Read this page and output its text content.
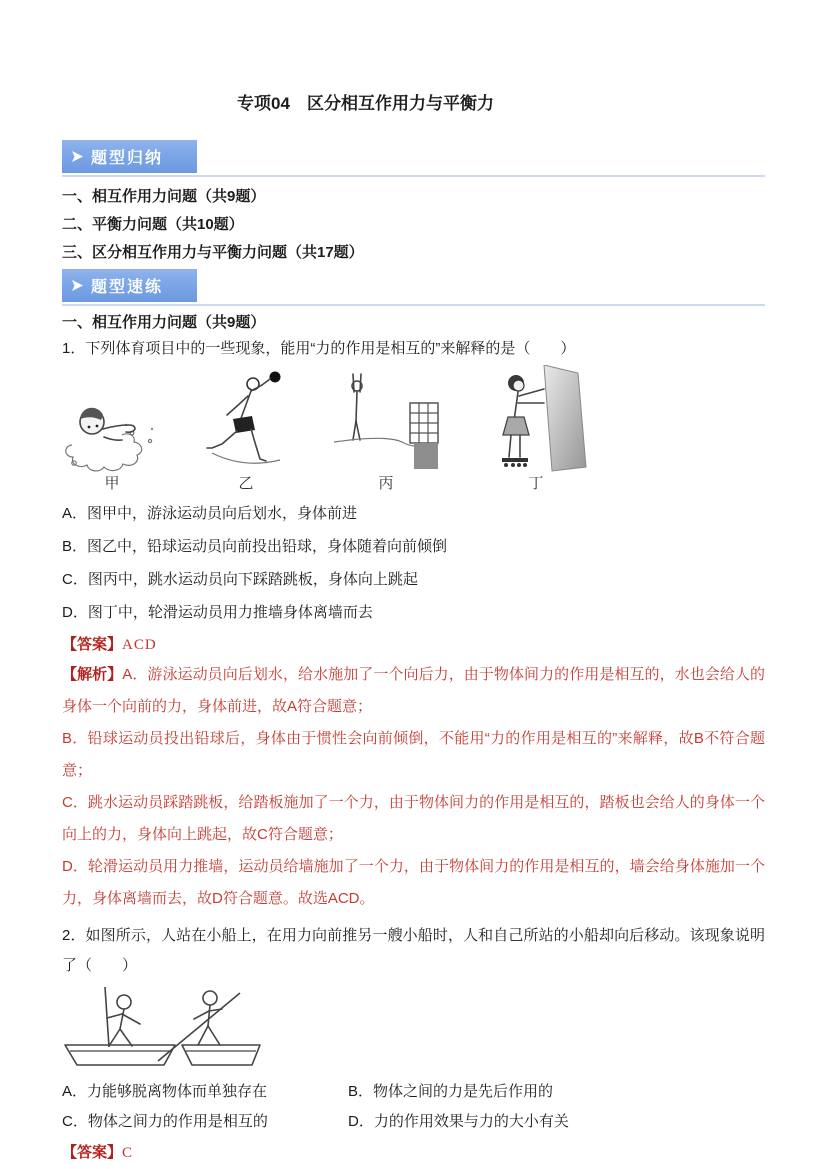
专项04　区分相互作用力与平衡力
题型归纳

一、相互作用力问题（共9题）

二、平衡力问题（共10题）

三、区分相互作用力与平衡力问题（共17题）

题型速练

一、相互作用力问题（共9题）

1．下列体育项目中的一些现象，能用“力的作用是相互的”来解释的是（　　）

甲	乙	丙	丁

A．图甲中，游泳运动员向后划水，身体前进

B．图乙中，铅球运动员向前投出铅球，身体随着向前倾倒

C．图丙中，跳水运动员向下踩踏跳板，身体向上跳起

D．图丁中，轮滑运动员用力推墙身体离墙而去

【答案】ACD

【解析】A．游泳运动员向后划水，给水施加了一个向后力，由于物体间力的作用是相互的，水也会给人的身体一个向前的力，身体前进，故A符合题意；

B．铅球运动员投出铅球后，身体由于惯性会向前倾倒，不能用“力的作用是相互的”来解释，故B不符合题意；

C．跳水运动员踩踏跳板，给踏板施加了一个力，由于物体间力的作用是相互的，踏板也会给人的身体一个向上的力，身体向上跳起，故C符合题意；

D．轮滑运动员用力推墙，运动员给墙施加了一个力，由于物体间力的作用是相互的，墙会给身体施加一个力，身体离墙而去，故D符合题意。故选ACD。

2．如图所示，人站在小船上，在用力向前推另一艘小船时，人和自己所站的小船却向后移动。该现象说明了（　　）

A．力能够脱离物体而单独存在	B．物体之间的力是先后作用的

C．物体之间力的作用是相互的	D．力的作用效果与力的大小有关

【答案】C
